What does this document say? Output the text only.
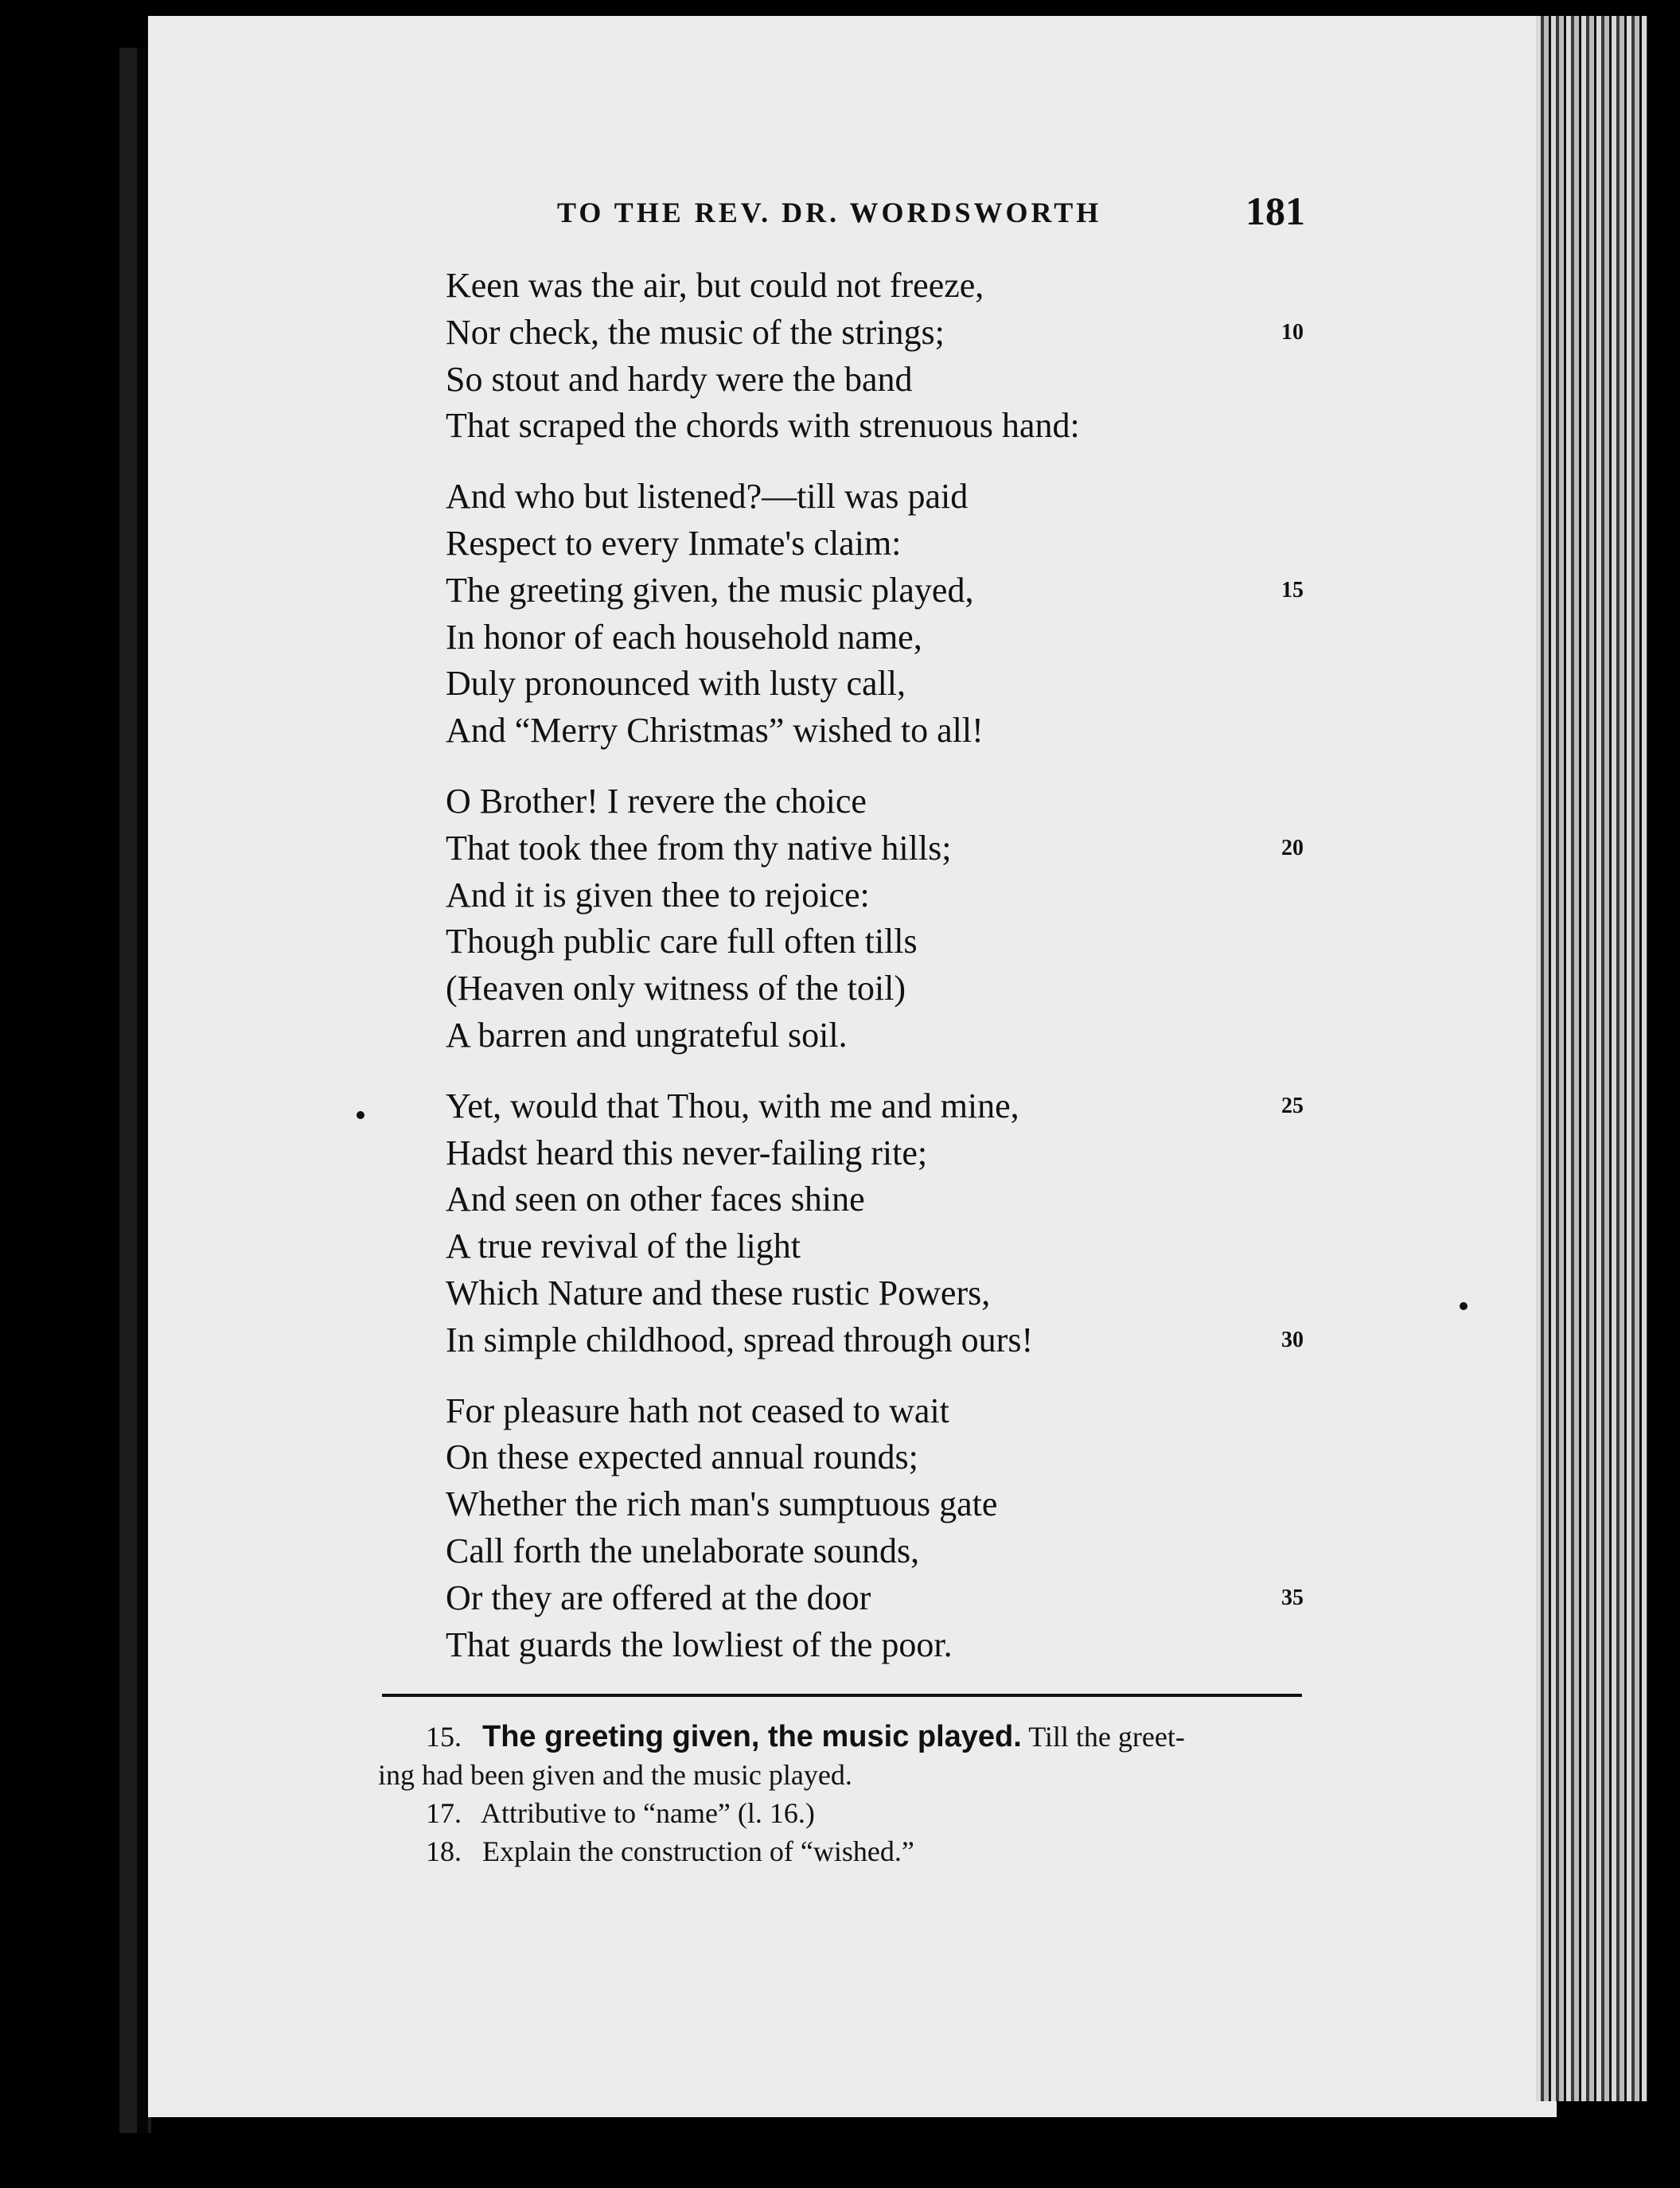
TO THE REV. DR. WORDSWORTH	181
Keen was the air, but could not freeze,
Nor check, the music of the strings;	10
So stout and hardy were the band
That scraped the chords with strenuous hand:
And who but listened?—till was paid
Respect to every Inmate's claim:
The greeting given, the music played,	15
In honor of each household name,
Duly pronounced with lusty call,
And “Merry Christmas” wished to all!
O Brother! I revere the choice
That took thee from thy native hills;	20
And it is given thee to rejoice:
Though public care full often tills
(Heaven only witness of the toil)
A barren and ungrateful soil.
Yet, would that Thou, with me and mine,	25
Hadst heard this never-failing rite;
And seen on other faces shine
A true revival of the light
Which Nature and these rustic Powers,
In simple childhood, spread through ours!	30
For pleasure hath not ceased to wait
On these expected annual rounds;
Whether the rich man's sumptuous gate
Call forth the unelaborate sounds,
Or they are offered at the door	35
That guards the lowliest of the poor.
15. The greeting given, the music played. Till the greet-
ing had been given and the music played.
17. Attributive to “name” (l. 16.)
18. Explain the construction of “wished.”
